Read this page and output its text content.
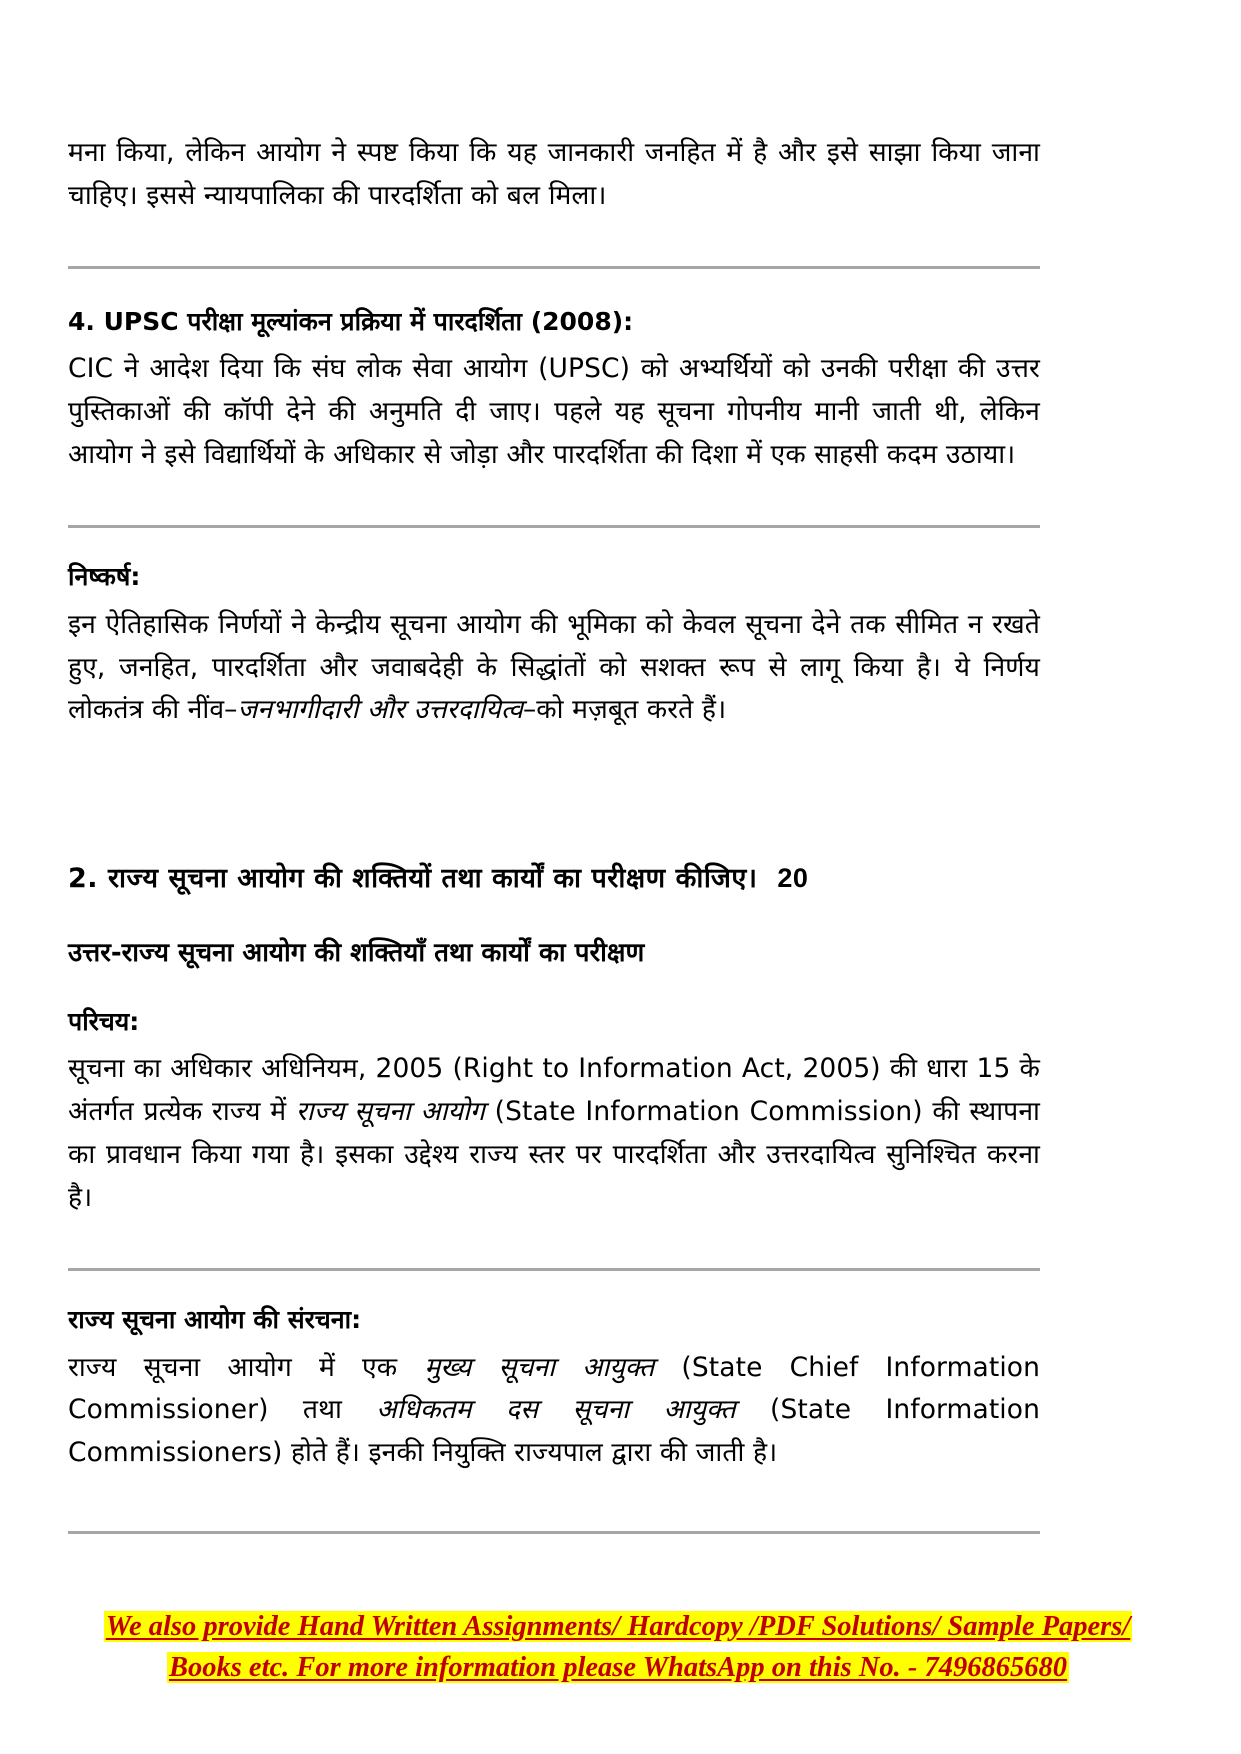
मना किया, लेकिन आयोग ने स्पष्ट किया कि यह जानकारी जनहित में है और इसे साझा किया जाना चाहिए। इससे न्यायपालिका की पारदर्शिता को बल मिला।

4. UPSC परीक्षा मूल्यांकन प्रक्रिया में पारदर्शिता (2008):

CIC ने आदेश दिया कि संघ लोक सेवा आयोग (UPSC) को अभ्यर्थियों को उनकी परीक्षा की उत्तर पुस्तिकाओं की कॉपी देने की अनुमति दी जाए। पहले यह सूचना गोपनीय मानी जाती थी, लेकिन आयोग ने इसे विद्यार्थियों के अधिकार से जोड़ा और पारदर्शिता की दिशा में एक साहसी कदम उठाया।

निष्कर्ष:

इन ऐतिहासिक निर्णयों ने केन्द्रीय सूचना आयोग की भूमिका को केवल सूचना देने तक सीमित न रखते हुए, जनहित, पारदर्शिता और जवाबदेही के सिद्धांतों को सशक्त रूप से लागू किया है। ये निर्णय लोकतंत्र की नींव–जनभागीदारी और उत्तरदायित्व–को मज़बूत करते हैं।

2. राज्य सूचना आयोग की शक्तियों तथा कार्यों का परीक्षण कीजिए। 20

उत्तर-राज्य सूचना आयोग की शक्तियाँ तथा कार्यों का परीक्षण

परिचय:

सूचना का अधिकार अधिनियम, 2005 (Right to Information Act, 2005) की धारा 15 के अंतर्गत प्रत्येक राज्य में राज्य सूचना आयोग (State Information Commission) की स्थापना का प्रावधान किया गया है। इसका उद्देश्य राज्य स्तर पर पारदर्शिता और उत्तरदायित्व सुनिश्चित करना है।

राज्य सूचना आयोग की संरचना:

राज्य सूचना आयोग में एक मुख्य सूचना आयुक्त (State Chief Information Commissioner) तथा अधिकतम दस सूचना आयुक्त (State Information Commissioners) होते हैं। इनकी नियुक्ति राज्यपाल द्वारा की जाती है।

We also provide Hand Written Assignments/ Hardcopy /PDF Solutions/ Sample Papers/
Books etc. For more information please WhatsApp on this No. - 7496865680
